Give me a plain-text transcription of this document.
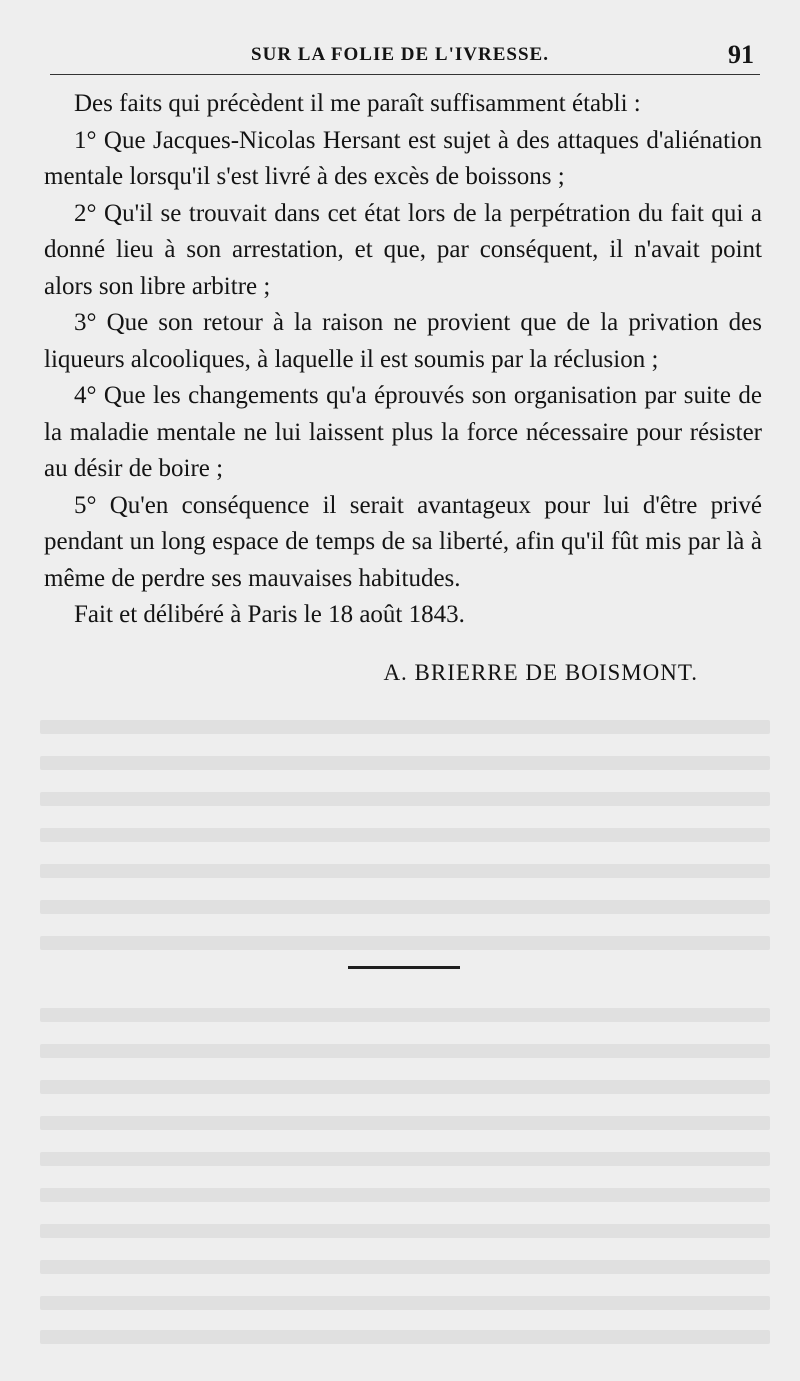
SUR LA FOLIE DE L'IVRESSE.	91

Des faits qui précèdent il me paraît suffisamment établi :

1° Que Jacques-Nicolas Hersant est sujet à des attaques d'aliénation mentale lorsqu'il s'est livré à des excès de boissons ;

2° Qu'il se trouvait dans cet état lors de la perpétration du fait qui a donné lieu à son arrestation, et que, par conséquent, il n'avait point alors son libre arbitre ;

3° Que son retour à la raison ne provient que de la privation des liqueurs alcooliques, à laquelle il est soumis par la réclusion ;

4° Que les changements qu'a éprouvés son organisation par suite de la maladie mentale ne lui laissent plus la force nécessaire pour résister au désir de boire ;

5° Qu'en conséquence il serait avantageux pour lui d'être privé pendant un long espace de temps de sa liberté, afin qu'il fût mis par là à même de perdre ses mauvaises habitudes.

Fait et délibéré à Paris le 18 août 1843.

A. BRIERRE DE BOISMONT.
